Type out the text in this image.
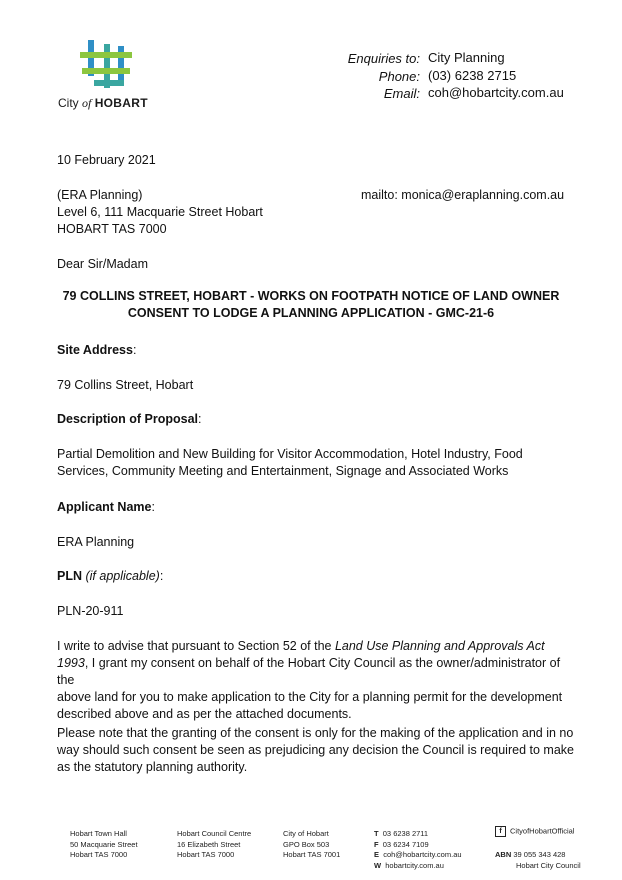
City of HOBART
Enquiries to:
Phone:
Email:
City Planning
(03) 6238 2715
coh@hobartcity.com.au
10 February 2021
(ERA Planning)
Level 6, 111 Macquarie Street Hobart
HOBART TAS 7000
mailto: monica@eraplanning.com.au
Dear Sir/Madam
79 COLLINS STREET, HOBART - WORKS ON FOOTPATH NOTICE OF LAND OWNER
CONSENT TO LODGE A PLANNING APPLICATION - GMC-21-6
Site Address:
79 Collins Street, Hobart
Description of Proposal:
Partial Demolition and New Building for Visitor Accommodation, Hotel Industry, Food
Services, Community Meeting and Entertainment, Signage and Associated Works
Applicant Name:
ERA Planning
PLN (if applicable):
PLN-20-911
I write to advise that pursuant to Section 52 of the Land Use Planning and Approvals Act
1993, I grant my consent on behalf of the Hobart City Council as the owner/administrator of the
above land for you to make application to the City for a planning permit for the development
described above and as per the attached documents.
Please note that the granting of the consent is only for the making of the application and in no
way should such consent be seen as prejudicing any decision the Council is required to make
as the statutory planning authority.
Hobart Town Hall
50 Macquarie Street
Hobart TAS 7000
Hobart Council Centre
16 Elizabeth Street
Hobart TAS 7000
City of Hobart
GPO Box 503
Hobart TAS 7001
T 03 6238 2711
F 03 6234 7109
E coh@hobartcity.com.au
W hobartcity.com.au
f CityofHobartOfficial
ABN 39 055 343 428
Hobart City Council
